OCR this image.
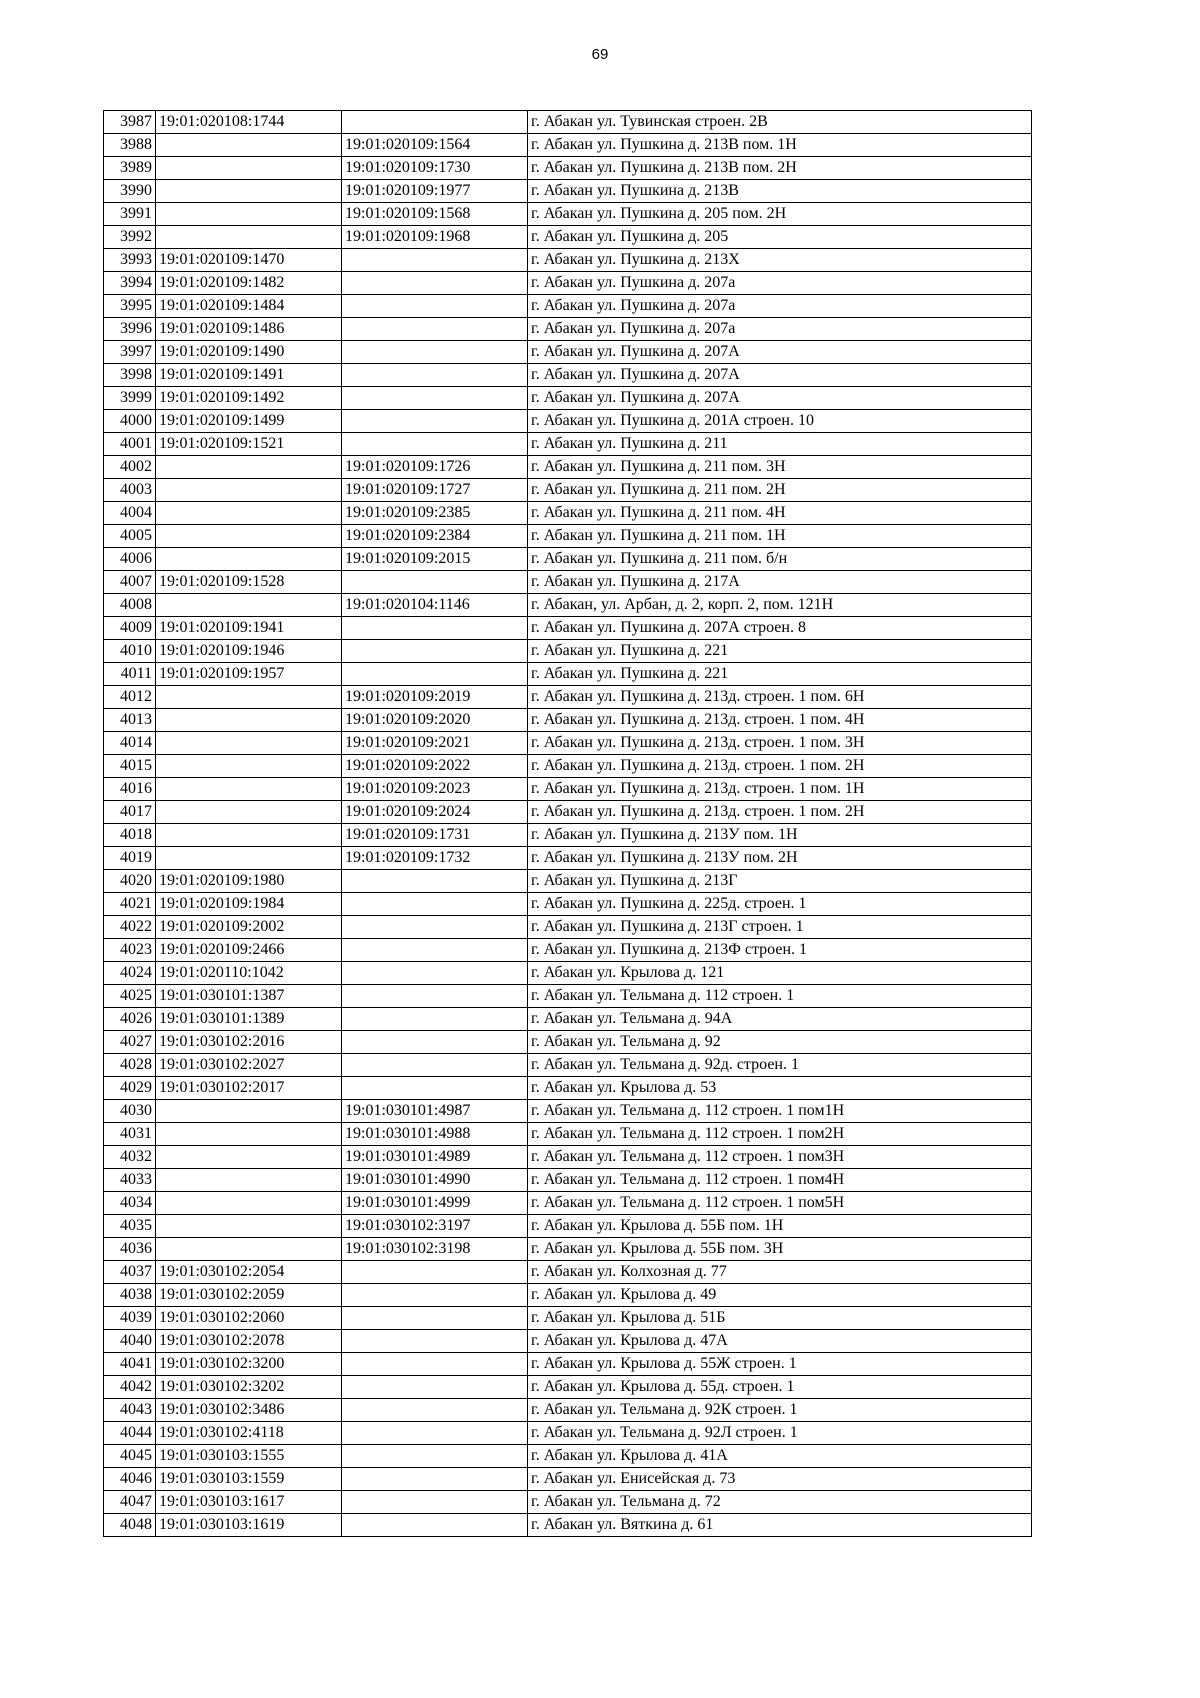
69
3987	19:01:020108:1744		г. Абакан ул. Тувинская строен. 2В
3988		19:01:020109:1564	г. Абакан ул. Пушкина д. 213В пом. 1Н
3989		19:01:020109:1730	г. Абакан ул. Пушкина д. 213В пом. 2Н
3990		19:01:020109:1977	г. Абакан ул. Пушкина д. 213В
3991		19:01:020109:1568	г. Абакан ул. Пушкина д. 205 пом. 2Н
3992		19:01:020109:1968	г. Абакан ул. Пушкина д. 205
3993	19:01:020109:1470		г. Абакан ул. Пушкина д. 213Х
3994	19:01:020109:1482		г. Абакан ул. Пушкина д. 207а
3995	19:01:020109:1484		г. Абакан ул. Пушкина д. 207а
3996	19:01:020109:1486		г. Абакан ул. Пушкина д. 207а
3997	19:01:020109:1490		г. Абакан ул. Пушкина д. 207А
3998	19:01:020109:1491		г. Абакан ул. Пушкина д. 207А
3999	19:01:020109:1492		г. Абакан ул. Пушкина д. 207А
4000	19:01:020109:1499		г. Абакан ул. Пушкина д. 201А строен. 10
4001	19:01:020109:1521		г. Абакан ул. Пушкина д. 211
4002		19:01:020109:1726	г. Абакан ул. Пушкина д. 211 пом. 3Н
4003		19:01:020109:1727	г. Абакан ул. Пушкина д. 211 пом. 2Н
4004		19:01:020109:2385	г. Абакан ул. Пушкина д. 211 пом. 4Н
4005		19:01:020109:2384	г. Абакан ул. Пушкина д. 211 пом. 1Н
4006		19:01:020109:2015	г. Абакан ул. Пушкина д. 211 пом. б/н
4007	19:01:020109:1528		г. Абакан ул. Пушкина д. 217А
4008		19:01:020104:1146	г. Абакан, ул. Арбан, д. 2, корп. 2, пом. 121Н
4009	19:01:020109:1941		г. Абакан ул. Пушкина д. 207А строен. 8
4010	19:01:020109:1946		г. Абакан ул. Пушкина д. 221
4011	19:01:020109:1957		г. Абакан ул. Пушкина д. 221
4012		19:01:020109:2019	г. Абакан ул. Пушкина д. 213д. строен. 1 пом. 6Н
4013		19:01:020109:2020	г. Абакан ул. Пушкина д. 213д. строен. 1 пом. 4Н
4014		19:01:020109:2021	г. Абакан ул. Пушкина д. 213д. строен. 1 пом. 3Н
4015		19:01:020109:2022	г. Абакан ул. Пушкина д. 213д. строен. 1 пом. 2Н
4016		19:01:020109:2023	г. Абакан ул. Пушкина д. 213д. строен. 1 пом. 1Н
4017		19:01:020109:2024	г. Абакан ул. Пушкина д. 213д. строен. 1 пом. 2Н
4018		19:01:020109:1731	г. Абакан ул. Пушкина д. 213У пом. 1Н
4019		19:01:020109:1732	г. Абакан ул. Пушкина д. 213У пом. 2Н
4020	19:01:020109:1980		г. Абакан ул. Пушкина д. 213Г
4021	19:01:020109:1984		г. Абакан ул. Пушкина д. 225д. строен. 1
4022	19:01:020109:2002		г. Абакан ул. Пушкина д. 213Г строен. 1
4023	19:01:020109:2466		г. Абакан ул. Пушкина д. 213Ф строен. 1
4024	19:01:020110:1042		г. Абакан ул. Крылова д. 121
4025	19:01:030101:1387		г. Абакан ул. Тельмана д. 112 строен. 1
4026	19:01:030101:1389		г. Абакан ул. Тельмана д. 94А
4027	19:01:030102:2016		г. Абакан ул. Тельмана д. 92
4028	19:01:030102:2027		г. Абакан ул. Тельмана д. 92д. строен. 1
4029	19:01:030102:2017		г. Абакан ул. Крылова д. 53
4030		19:01:030101:4987	г. Абакан ул. Тельмана д. 112 строен. 1 пом1Н
4031		19:01:030101:4988	г. Абакан ул. Тельмана д. 112 строен. 1 пом2Н
4032		19:01:030101:4989	г. Абакан ул. Тельмана д. 112 строен. 1 пом3Н
4033		19:01:030101:4990	г. Абакан ул. Тельмана д. 112 строен. 1 пом4Н
4034		19:01:030101:4999	г. Абакан ул. Тельмана д. 112 строен. 1 пом5Н
4035		19:01:030102:3197	г. Абакан ул. Крылова д. 55Б пом. 1Н
4036		19:01:030102:3198	г. Абакан ул. Крылова д. 55Б пом. 3Н
4037	19:01:030102:2054		г. Абакан ул. Колхозная д. 77
4038	19:01:030102:2059		г. Абакан ул. Крылова д. 49
4039	19:01:030102:2060		г. Абакан ул. Крылова д. 51Б
4040	19:01:030102:2078		г. Абакан ул. Крылова д. 47А
4041	19:01:030102:3200		г. Абакан ул. Крылова д. 55Ж строен. 1
4042	19:01:030102:3202		г. Абакан ул. Крылова д. 55д. строен. 1
4043	19:01:030102:3486		г. Абакан ул. Тельмана д. 92К строен. 1
4044	19:01:030102:4118		г. Абакан ул. Тельмана д. 92Л строен. 1
4045	19:01:030103:1555		г. Абакан ул. Крылова д. 41А
4046	19:01:030103:1559		г. Абакан ул. Енисейская д. 73
4047	19:01:030103:1617		г. Абакан ул. Тельмана д. 72
4048	19:01:030103:1619		г. Абакан ул. Вяткина д. 61
